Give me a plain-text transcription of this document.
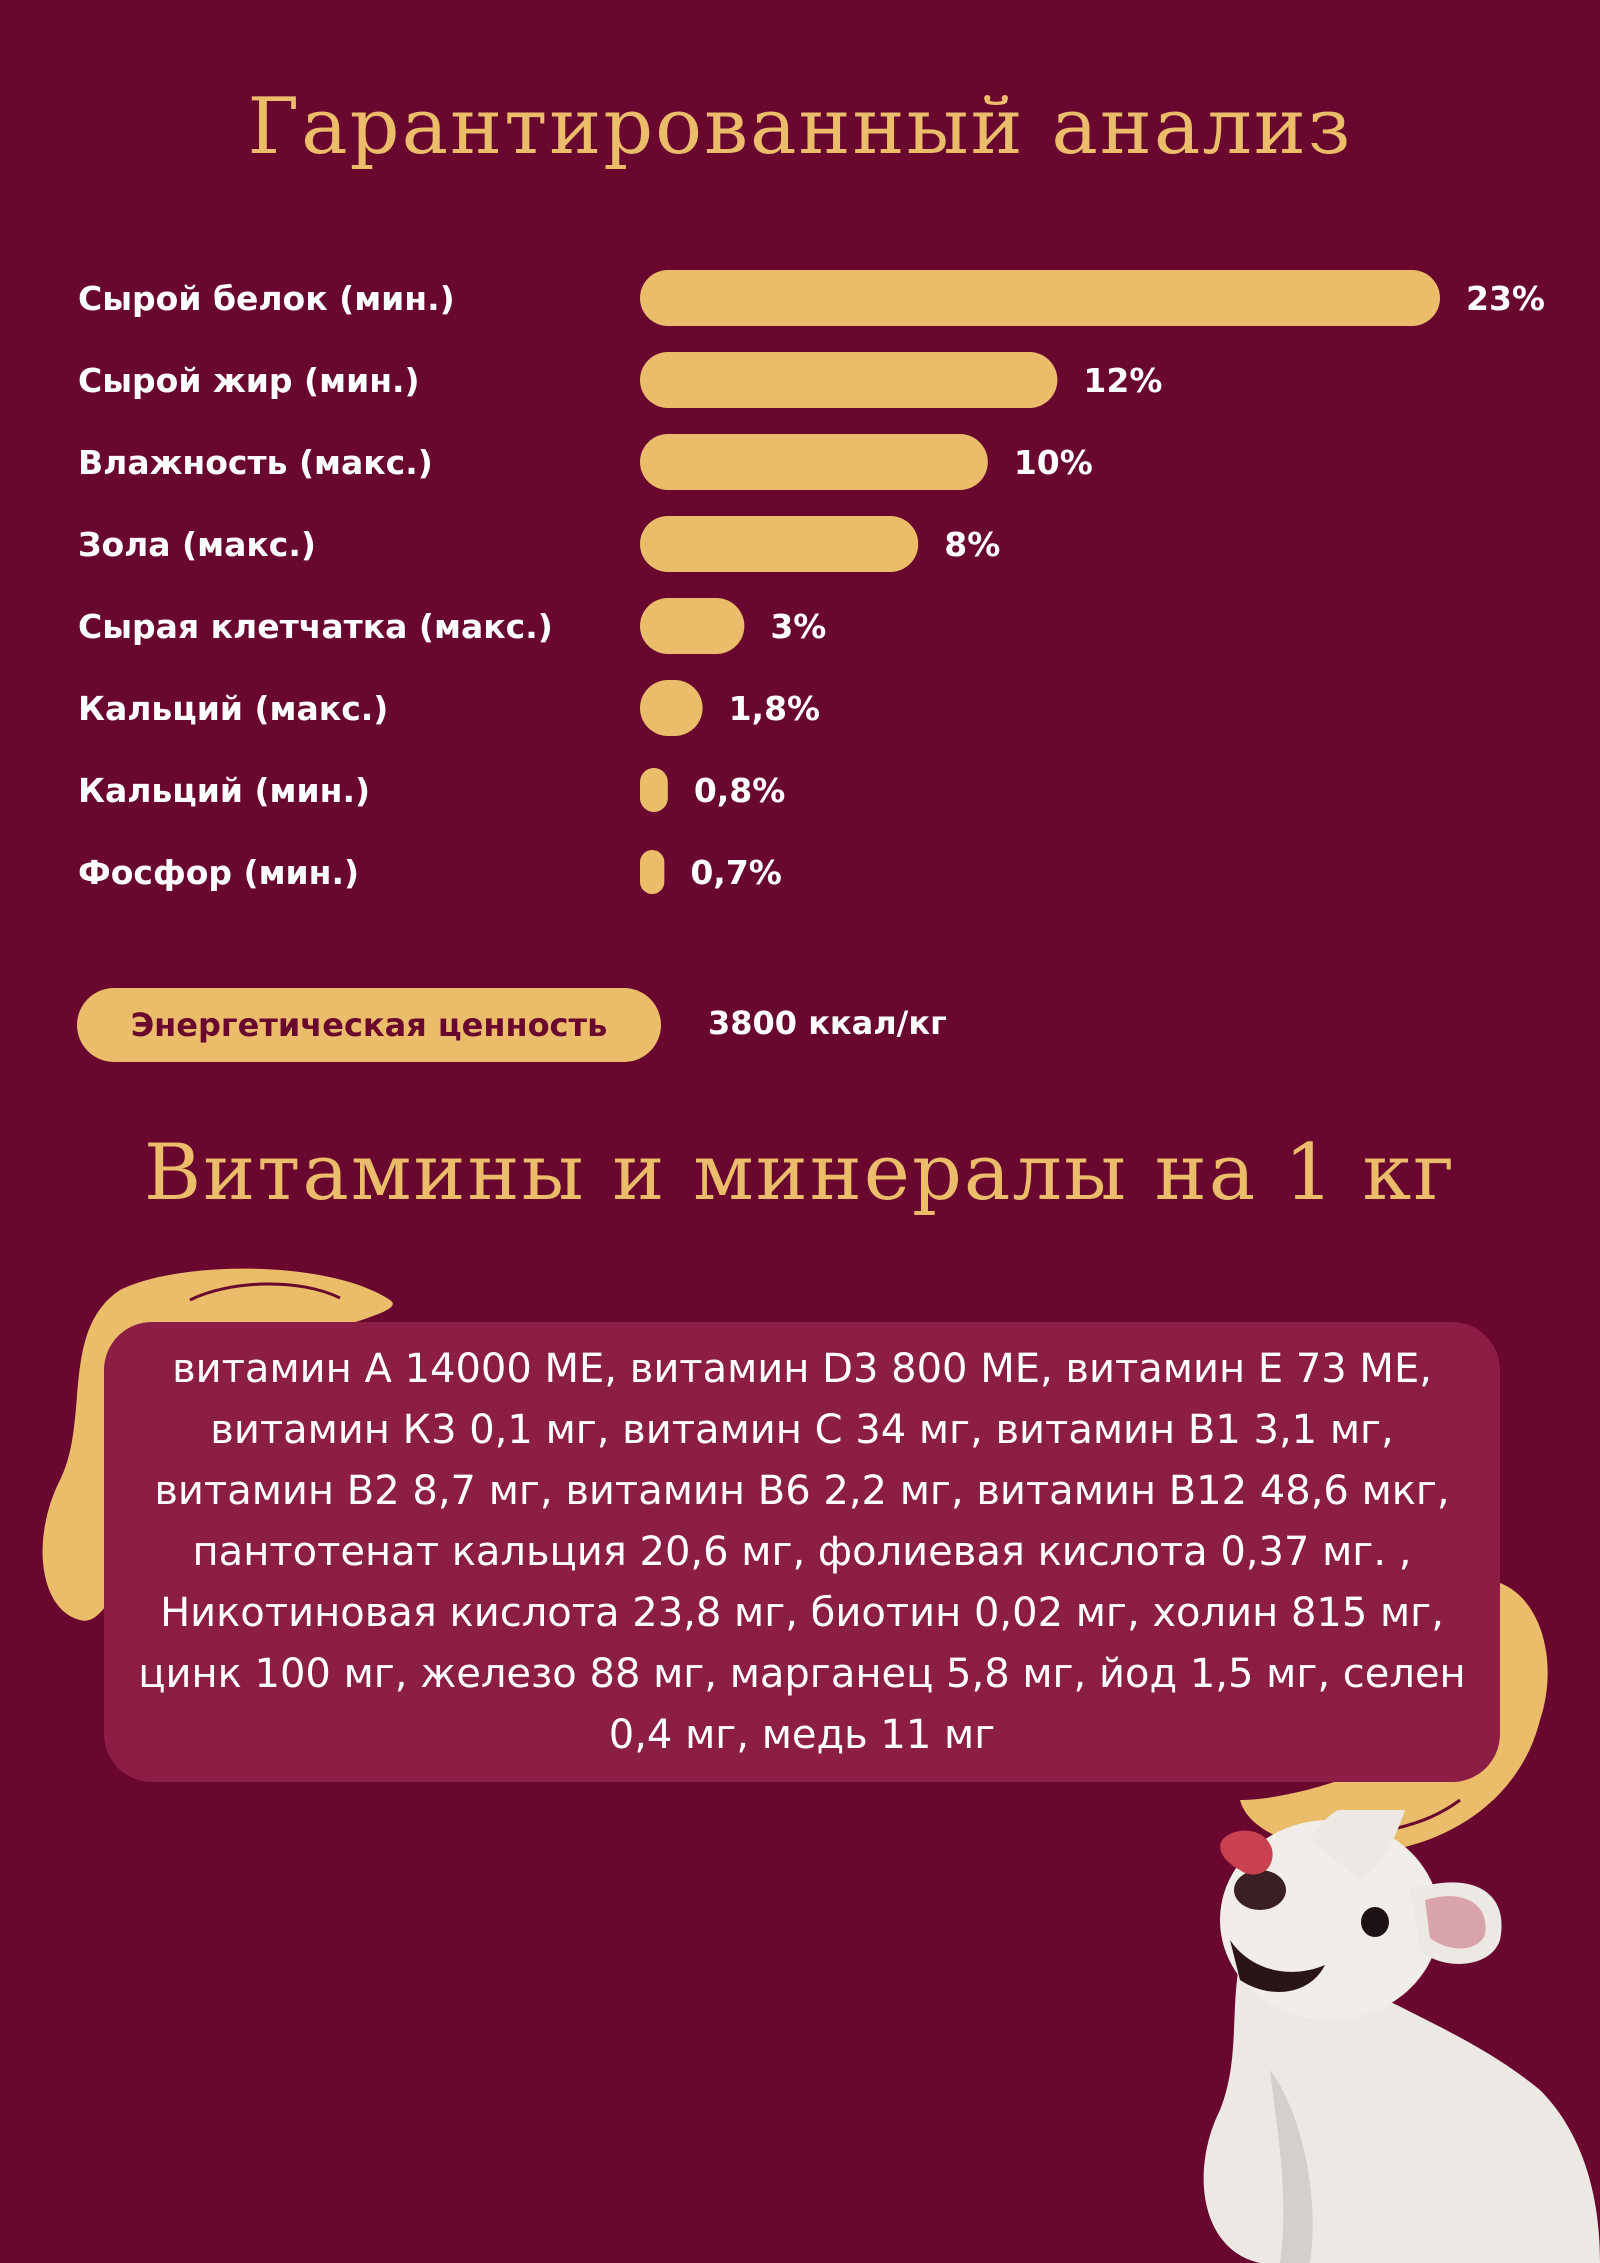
Гарантированный анализ
Сырой белок (мин.)	23%
Сырой жир (мин.)	12%
Влажность (макс.)	10%
Зола (макс.)	8%
Сырая клетчатка (макс.)	3%
Кальций (макс.)	1,8%
Кальций (мин.)	0,8%
Фосфор (мин.)	0,7%
Энергетическая ценность	3800 ккал/кг
Витамины и минералы на 1 кг

витамин А 14000 МЕ, витамин D3 800 МЕ, витамин Е 73 МЕ, витамин К3 0,1 мг, витамин С 34 мг, витамин В1 3,1 мг, витамин В2 8,7 мг, витамин В6 2,2 мг, витамин В12 48,6 мкг, пантотенат кальция 20,6 мг, фолиевая кислота 0,37 мг. , Никотиновая кислота 23,8 мг, биотин 0,02 мг, холин 815 мг, цинк 100 мг, железо 88 мг, марганец 5,8 мг, йод 1,5 мг, селен 0,4 мг, медь 11 мг
